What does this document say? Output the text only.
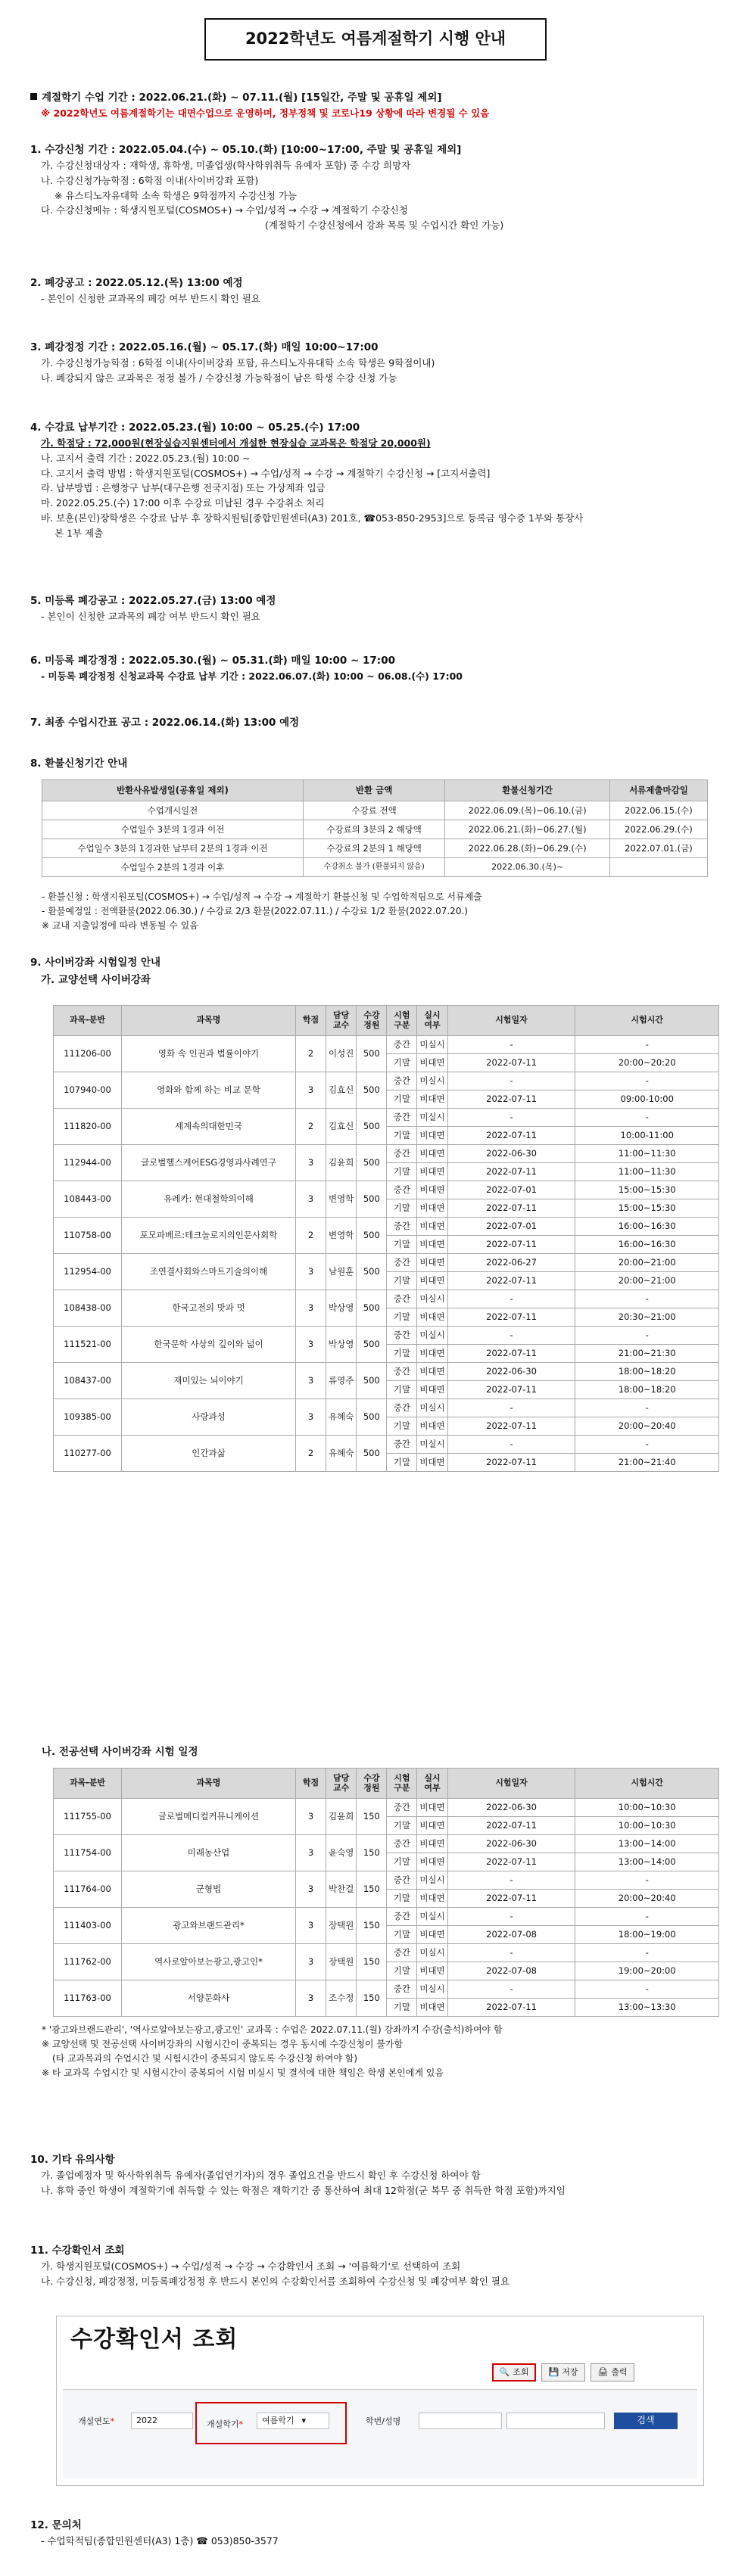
2022학년도 여름계절학기 시행 안내
계절학기 수업 기간 : 2022.06.21.(화) ~ 07.11.(월) [15일간, 주말 및 공휴일 제외]
※ 2022학년도 여름계절학기는 대면수업으로 운영하며, 정부정책 및 코로나19 상황에 따라 변경될 수 있음
1. 수강신청 기간 : 2022.05.04.(수) ~ 05.10.(화) [10:00~17:00, 주말 및 공휴일 제외]
가. 수강신청대상자 : 재학생, 휴학생, 미졸업생(학사학위취득 유예자 포함) 중 수강 희망자
나. 수강신청가능학점 : 6학점 이내(사이버강좌 포함)
※ 유스티노자유대학 소속 학생은 9학점까지 수강신청 가능
다. 수강신청메뉴 : 학생지원포털(COSMOS+) → 수업/성적 → 수강 → 계절학기 수강신청
(계절학기 수강신청에서 강좌 목록 및 수업시간 확인 가능)
2. 폐강공고 : 2022.05.12.(목) 13:00 예정
- 본인이 신청한 교과목의 폐강 여부 반드시 확인 필요
3. 폐강정정 기간 : 2022.05.16.(월) ~ 05.17.(화) 매일 10:00~17:00
가. 수강신청가능학점 : 6학점 이내(사이버강좌 포함, 유스티노자유대학 소속 학생은 9학점이내)
나. 폐강되지 않은 교과목은 정정 불가 / 수강신청 가능학점이 남은 학생 수강 신청 가능
4. 수강료 납부기간 : 2022.05.23.(월) 10:00 ~ 05.25.(수) 17:00
가. 학점당 : 72,000원(현장실습지원센터에서 개설한 현장실습 교과목은 학점당 20,000원)
나. 고지서 출력 기간 : 2022.05.23.(월) 10:00 ~
다. 고지서 출력 방법 : 학생지원포털(COSMOS+) → 수업/성적 → 수강 → 계절학기 수강신청 → [고지서출력]
라. 납부방법 : 은행창구 납부(대구은행 전국지점) 또는 가상계좌 입금
마. 2022.05.25.(수) 17:00 이후 수강료 미납된 경우 수강취소 처리
바. 보훈(본인)장학생은 수강료 납부 후 장학지원팀[종합민원센터(A3) 201호, ☎053-850-2953]으로 등록금 영수증 1부와 통장사
본 1부 제출
5. 미등록 폐강공고 : 2022.05.27.(금) 13:00 예정
- 본인이 신청한 교과목의 폐강 여부 반드시 확인 필요
6. 미등록 폐강정정 : 2022.05.30.(월) ~ 05.31.(화) 매일 10:00 ~ 17:00
- 미등록 폐강정정 신청교과목 수강료 납부 기간 : 2022.06.07.(화) 10:00 ~ 06.08.(수) 17:00
7. 최종 수업시간표 공고 : 2022.06.14.(화) 13:00 예정
8. 환불신청기간 안내
반환사유발생일(공휴일 제외)	반환 금액	환불신청기간	서류제출마감일
수업개시일전	수강료 전액	2022.06.09.(목)~06.10.(금)	2022.06.15.(수)
수업일수 3분의 1경과 이전	수강료의 3분의 2 해당액	2022.06.21.(화)~06.27.(월)	2022.06.29.(수)
수업일수 3분의 1경과한 날부터 2분의 1경과 이전	수강료의 2분의 1 해당액	2022.06.28.(화)~06.29.(수)	2022.07.01.(금)
수업일수 2분의 1경과 이후	수강취소 불가 (환불되지 않음)	2022.06.30.(목)~	
- 환불신청 : 학생지원포털(COSMOS+) → 수업/성적 → 수강 → 계절학기 환불신청 및 수업학적팀으로 서류제출
- 환불예정일 : 전액환불(2022.06.30.) / 수강료 2/3 환불(2022.07.11.) / 수강료 1/2 환불(2022.07.20.)
※ 교내 지출일정에 따라 변동될 수 있음
9. 사이버강좌 시험일정 안내
가. 교양선택 사이버강좌
과목-분반	과목명	학점	담당 교수	수강 정원	시험 구분	실시 여부	시험일자	시험시간
111206-00	영화 속 인권과 법률이야기	2	이성진	500	중간	미실시	-	-
					기말	비대면	2022-07-11	20:00~20:20
107940-00	영화와 함께 하는 비교 문학	3	김효신	500	중간	미실시	-	-
					기말	비대면	2022-07-11	09:00-10:00
111820-00	세계속의대한민국	2	김효신	500	중간	미실시	-	-
					기말	비대면	2022-07-11	10:00-11:00
112944-00	글로벌헬스케어ESG경영과사례연구	3	김윤희	500	중간	비대면	2022-06-30	11:00~11:30
					기말	비대면	2022-07-11	11:00~11:30
108443-00	유레카: 현대철학의이해	3	변영학	500	중간	비대면	2022-07-01	15:00~15:30
					기말	비대면	2022-07-11	15:00~15:30
110758-00	포모파베르:테크놀로지의인문사회학	2	변영학	500	중간	비대면	2022-07-01	16:00~16:30
					기말	비대면	2022-07-11	16:00~16:30
112954-00	조연결사회와스마트기술의이해	3	남원훈	500	중간	비대면	2022-06-27	20:00~21:00
					기말	비대면	2022-07-11	20:00~21:00
108438-00	한국고전의 맛과 멋	3	박상영	500	중간	미실시	-	-
					기말	비대면	2022-07-11	20:30~21:00
111521-00	한국문학 사상의 깊이와 넓이	3	박상영	500	중간	미실시	-	-
					기말	비대면	2022-07-11	21:00~21:30
108437-00	재미있는 뇌이야기	3	류영주	500	중간	비대면	2022-06-30	18:00~18:20
					기말	비대면	2022-07-11	18:00~18:20
109385-00	사랑과성	3	유혜숙	500	중간	미실시	-	-
					기말	비대면	2022-07-11	20:00~20:40
110277-00	인간과삶	2	유혜숙	500	중간	미실시	-	-
					기말	비대면	2022-07-11	21:00~21:40
나. 전공선택 사이버강좌 시험 일정
과목-분반	과목명	학점	담당 교수	수강 정원	시험 구분	실시 여부	시험일자	시험시간
111755-00	글로벌메디컬커뮤니케이션	3	김윤희	150	중간	비대면	2022-06-30	10:00~10:30
					기말	비대면	2022-07-11	10:00~10:30
111754-00	미래농산업	3	윤숙영	150	중간	비대면	2022-06-30	13:00~14:00
					기말	비대면	2022-07-11	13:00~14:00
111764-00	군형법	3	박찬걸	150	중간	미실시	-	-
					기말	비대면	2022-07-11	20:00~20:40
111403-00	광고와브랜드관리*	3	장택원	150	중간	미실시	-	-
					기말	비대면	2022-07-08	18:00~19:00
111762-00	역사로알아보는광고,광고인*	3	장택원	150	중간	미실시	-	-
					기말	비대면	2022-07-08	19:00~20:00
111763-00	서양문화사	3	조수정	150	중간	미실시	-	-
					기말	비대면	2022-07-11	13:00~13:30
* '광고와브랜드관리', '역사로알아보는광고,광고인' 교과목 : 수업은 2022.07.11.(월) 강좌까지 수강(출석)하여야 함
※ 교양선택 및 전공선택 사이버강좌의 시험시간이 중복되는 경우 동시에 수강신청이 불가함
(타 교과목과의 수업시간 및 시험시간이 중복되지 않도록 수강신청 하여야 함)
※ 타 교과목 수업시간 및 시험시간이 중복되어 시험 미실시 및 결석에 대한 책임은 학생 본인에게 있음
10. 기타 유의사항
가. 졸업예정자 및 학사학위취득 유예자(졸업연기자)의 경우 졸업요건을 반드시 확인 후 수강신청 하여야 함
나. 휴학 중인 학생이 계절학기에 취득할 수 있는 학점은 재학기간 중 통산하여 최대 12학점(군 복무 중 취득한 학점 포함)까지임
11. 수강확인서 조회
가. 학생지원포털(COSMOS+) → 수업/성적 → 수강 → 수강확인서 조회 → '여름학기'로 선택하여 조회
나. 수강신청, 폐강정정, 미등록폐강정정 후 반드시 본인의 수강확인서를 조회하여 수강신청 및 폐강여부 확인 필요
수강확인서 조회
🔍 조회 💾 저장 🖨 출력
개설연도*	2022	개설학기* 여름학기 ▾	학번/성명	검색
12. 문의처
- 수업학적팀(종합민원센터(A3) 1층) ☎ 053)850-3577
